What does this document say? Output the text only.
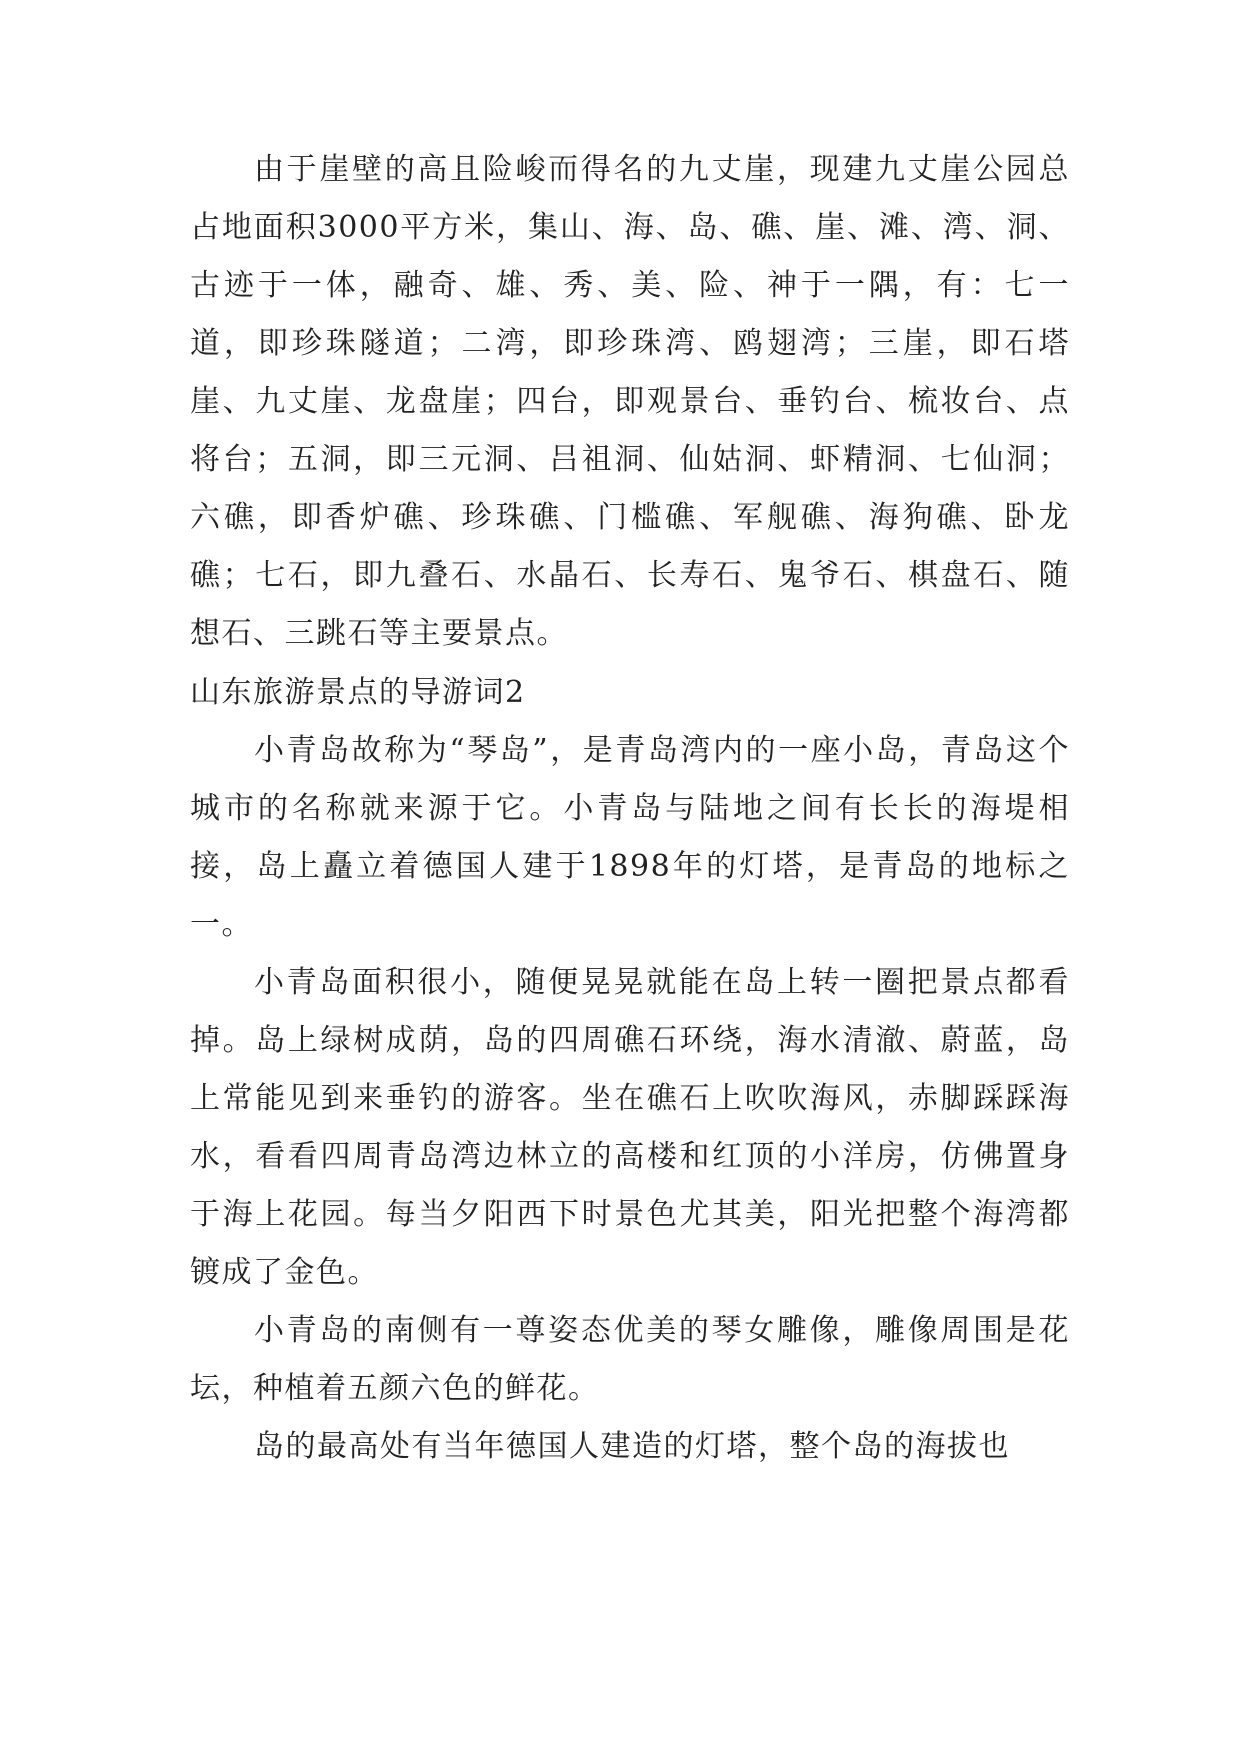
由于崖壁的高且险峻而得名的九丈崖，现建九丈崖公园总占地面积3000平方米，集山、海、岛、礁、崖、滩、湾、洞、古迹于一体，融奇、雄、秀、美、险、神于一隅，有：七一道，即珍珠隧道；二湾，即珍珠湾、鸥翅湾；三崖，即石塔崖、九丈崖、龙盘崖；四台，即观景台、垂钓台、梳妆台、点将台；五洞，即三元洞、吕祖洞、仙姑洞、虾精洞、七仙洞；六礁，即香炉礁、珍珠礁、门槛礁、军舰礁、海狗礁、卧龙礁；七石，即九叠石、水晶石、长寿石、鬼爷石、棋盘石、随想石、三跳石等主要景点。

山东旅游景点的导游词2

小青岛故称为“琴岛”，是青岛湾内的一座小岛，青岛这个城市的名称就来源于它。小青岛与陆地之间有长长的海堤相接，岛上矗立着德国人建于1898年的灯塔，是青岛的地标之一。

小青岛面积很小，随便晃晃就能在岛上转一圈把景点都看掉。岛上绿树成荫，岛的四周礁石环绕，海水清澈、蔚蓝，岛上常能见到来垂钓的游客。坐在礁石上吹吹海风，赤脚踩踩海水，看看四周青岛湾边林立的高楼和红顶的小洋房，仿佛置身于海上花园。每当夕阳西下时景色尤其美，阳光把整个海湾都镀成了金色。

小青岛的南侧有一尊姿态优美的琴女雕像，雕像周围是花坛，种植着五颜六色的鲜花。

岛的最高处有当年德国人建造的灯塔，整个岛的海拔也
